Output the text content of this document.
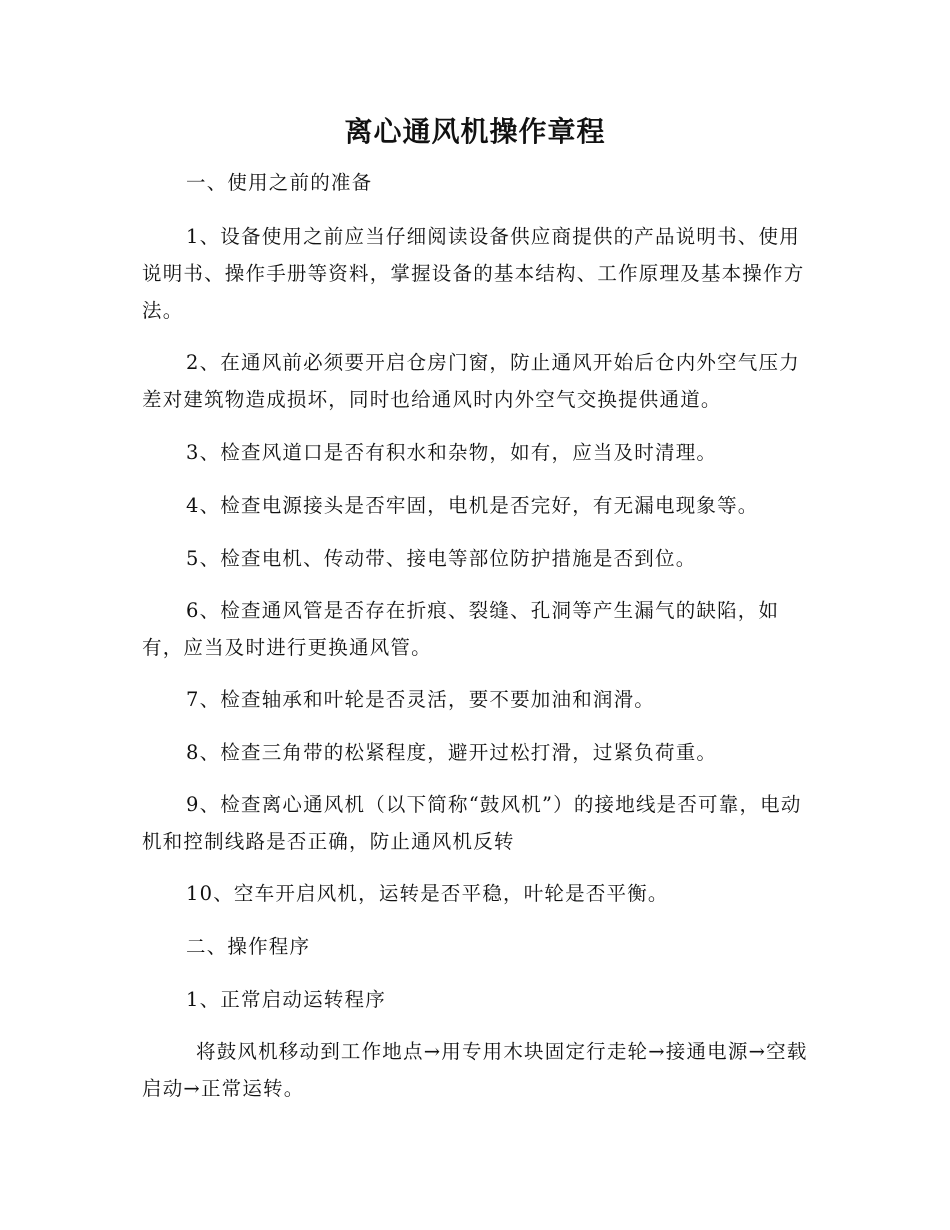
离心通风机操作章程

一、使用之前的准备

1、设备使用之前应当仔细阅读设备供应商提供的产品说明书、使用说明书、操作手册等资料，掌握设备的基本结构、工作原理及基本操作方法。

2、在通风前必须要开启仓房门窗，防止通风开始后仓内外空气压力差对建筑物造成损坏，同时也给通风时内外空气交换提供通道。

3、检查风道口是否有积水和杂物，如有，应当及时清理。

4、检查电源接头是否牢固，电机是否完好，有无漏电现象等。

5、检查电机、传动带、接电等部位防护措施是否到位。

6、检查通风管是否存在折痕、裂缝、孔洞等产生漏气的缺陷，如有，应当及时进行更换通风管。

7、检查轴承和叶轮是否灵活，要不要加油和润滑。

8、检查三角带的松紧程度，避开过松打滑，过紧负荷重。

9、检查离心通风机（以下简称“鼓风机”）的接地线是否可靠，电动机和控制线路是否正确，防止通风机反转

10、空车开启风机，运转是否平稳，叶轮是否平衡。

二、操作程序

1、正常启动运转程序

将鼓风机移动到工作地点→用专用木块固定行走轮→接通电源→空载启动→正常运转。
